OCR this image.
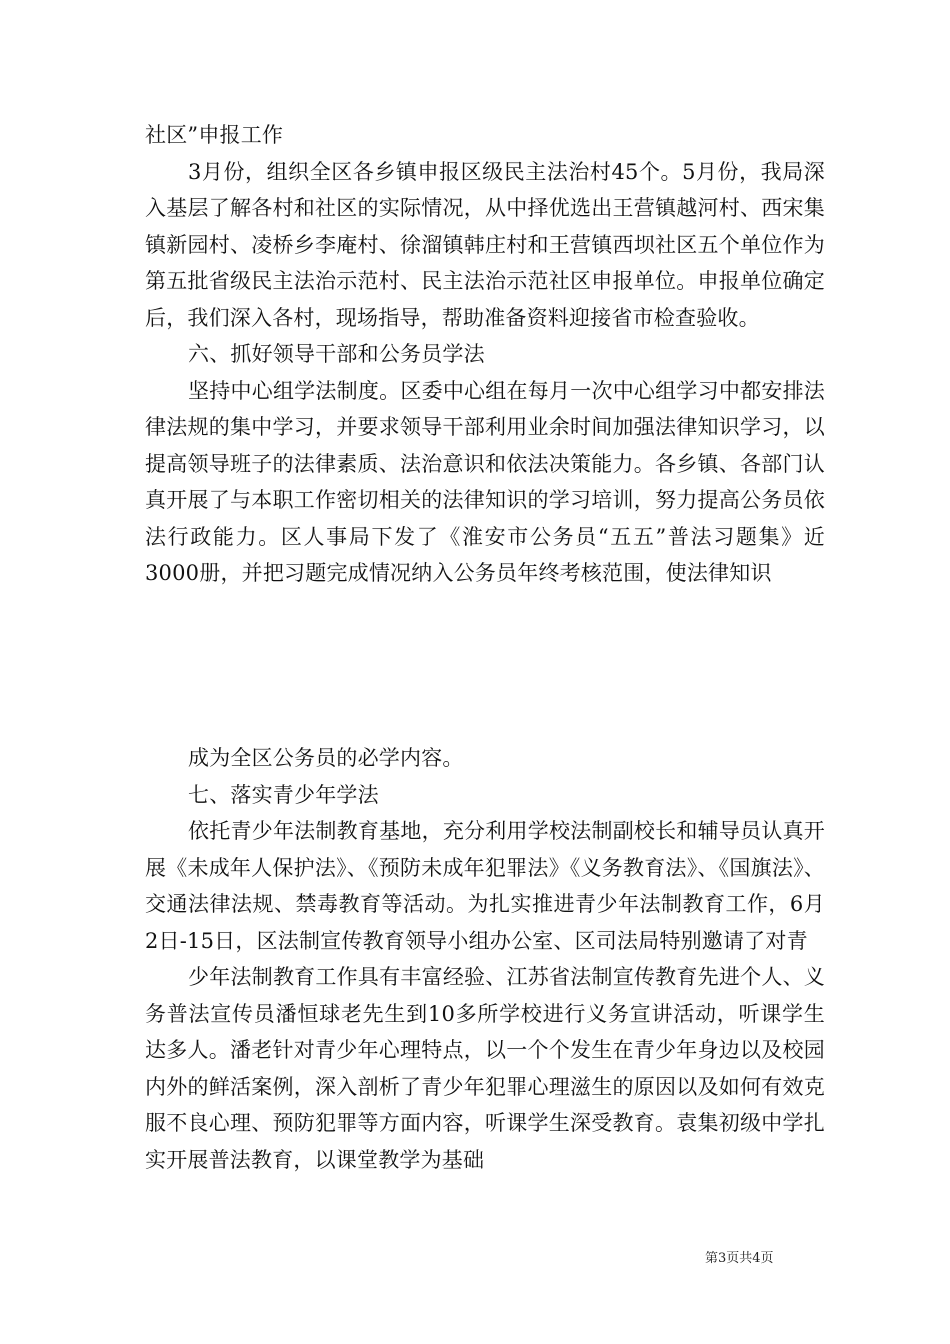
社区”申报工作

3月份，组织全区各乡镇申报区级民主法治村45个。5月份，我局深入基层了解各村和社区的实际情况，从中择优选出王营镇越河村、西宋集镇新园村、凌桥乡李庵村、徐溜镇韩庄村和王营镇西坝社区五个单位作为第五批省级民主法治示范村、民主法治示范社区申报单位。申报单位确定后，我们深入各村，现场指导，帮助准备资料迎接省市检查验收。

六、抓好领导干部和公务员学法

坚持中心组学法制度。区委中心组在每月一次中心组学习中都安排法律法规的集中学习，并要求领导干部利用业余时间加强法律知识学习，以提高领导班子的法律素质、法治意识和依法决策能力。各乡镇、各部门认真开展了与本职工作密切相关的法律知识的学习培训，努力提高公务员依法行政能力。区人事局下发了《淮安市公务员“五五”普法习题集》近3000册，并把习题完成情况纳入公务员年终考核范围，使法律知识

成为全区公务员的必学内容。

七、落实青少年学法

依托青少年法制教育基地，充分利用学校法制副校长和辅导员认真开展《未成年人保护法》、《预防未成年犯罪法》《义务教育法》、《国旗法》、交通法律法规、禁毒教育等活动。为扎实推进青少年法制教育工作，6月2日-15日，区法制宣传教育领导小组办公室、区司法局特别邀请了对青

少年法制教育工作具有丰富经验、江苏省法制宣传教育先进个人、义务普法宣传员潘恒球老先生到10多所学校进行义务宣讲活动，听课学生达多人。潘老针对青少年心理特点，以一个个发生在青少年身边以及校园内外的鲜活案例，深入剖析了青少年犯罪心理滋生的原因以及如何有效克服不良心理、预防犯罪等方面内容，听课学生深受教育。袁集初级中学扎实开展普法教育，以课堂教学为基础

第3页共4页
